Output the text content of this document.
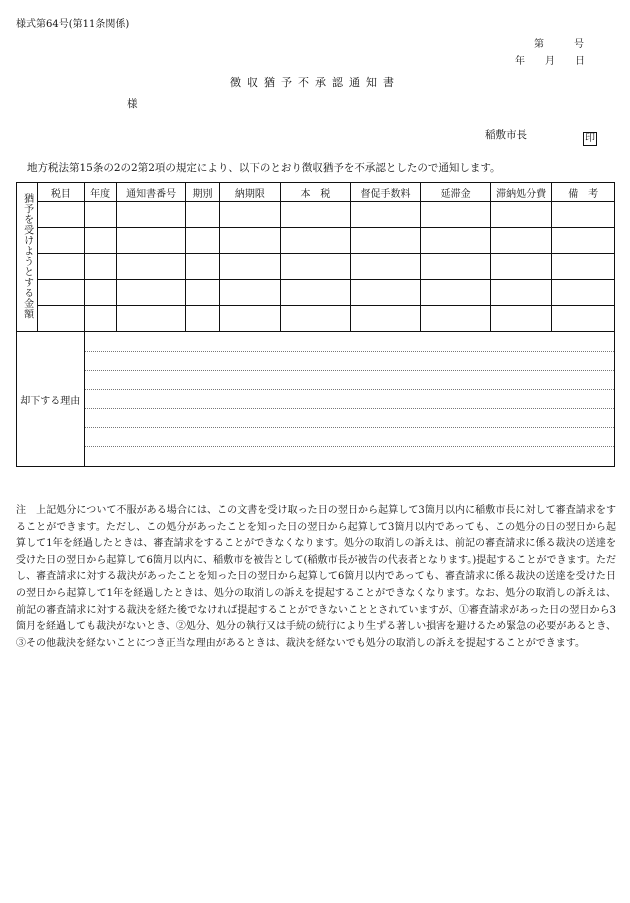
様式第64号(第11条関係)
第　　　号
年　　月　　日
徴収猶予不承認通知書
様
稲敷市長	印
地方税法第15条の2の2第2項の規定により、以下のとおり徴収猶予を不承認としたので通知します。
猶予を受けようとする金額	税目	年度	通知書番号	期別	納期限	本　税	督促手数料	延滞金	滞納処分費	備　考

却下する理由										
注　上記処分について不服がある場合には、この文書を受け取った日の翌日から起算して3箇月以内に稲敷市長に対して審査請求をすることができます。ただし、この処分があったことを知った日の翌日から起算して3箇月以内であっても、この処分の日の翌日から起算して1年を経過したときは、審査請求をすることができなくなります。処分の取消しの訴えは、前記の審査請求に係る裁決の送達を受けた日の翌日から起算して6箇月以内に、稲敷市を被告として(稲敷市長が被告の代表者となります。)提起することができます。ただし、審査請求に対する裁決があったことを知った日の翌日から起算して6箇月以内であっても、審査請求に係る裁決の送達を受けた日の翌日から起算して1年を経過したときは、処分の取消しの訴えを提起することができなくなります。なお、処分の取消しの訴えは、前記の審査請求に対する裁決を経た後でなければ提起することができないこととされていますが、①審査請求があった日の翌日から3箇月を経過しても裁決がないとき、②処分、処分の執行又は手続の続行により生ずる著しい損害を避けるため緊急の必要があるとき、③その他裁決を経ないことにつき正当な理由があるときは、裁決を経ないでも処分の取消しの訴えを提起することができます。
